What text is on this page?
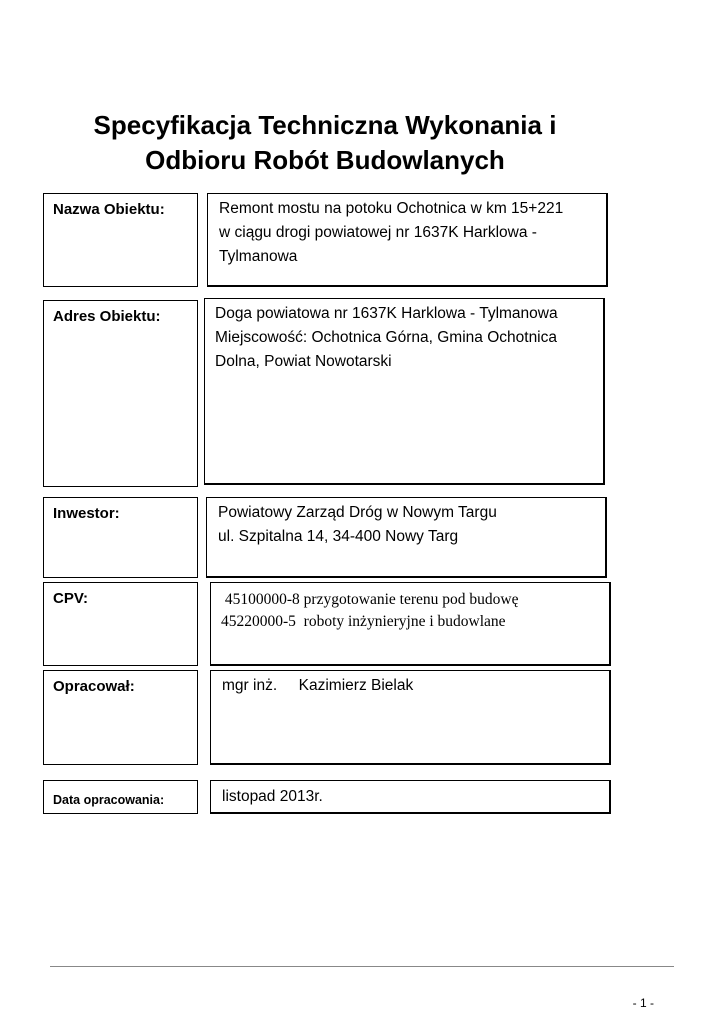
Specyfikacja Techniczna Wykonania i
Odbioru Robót Budowlanych
Nazwa Obiektu:	Remont mostu na potoku Ochotnica w km 15+221
w ciągu drogi powiatowej nr 1637K Harklowa -
Tylmanowa
Adres Obiektu:	Doga powiatowa nr 1637K Harklowa - Tylmanowa
Miejscowość: Ochotnica Górna, Gmina Ochotnica
Dolna, Powiat Nowotarski
Inwestor:	Powiatowy Zarząd Dróg w Nowym Targu
ul. Szpitalna 14, 34-400 Nowy Targ
CPV:	45100000-8 przygotowanie terenu pod budowę
45220000-5  roboty inżynieryjne i budowlane
Opracował:	mgr inż.     Kazimierz Bielak
Data opracowania:	listopad 2013r.
- 1 -
